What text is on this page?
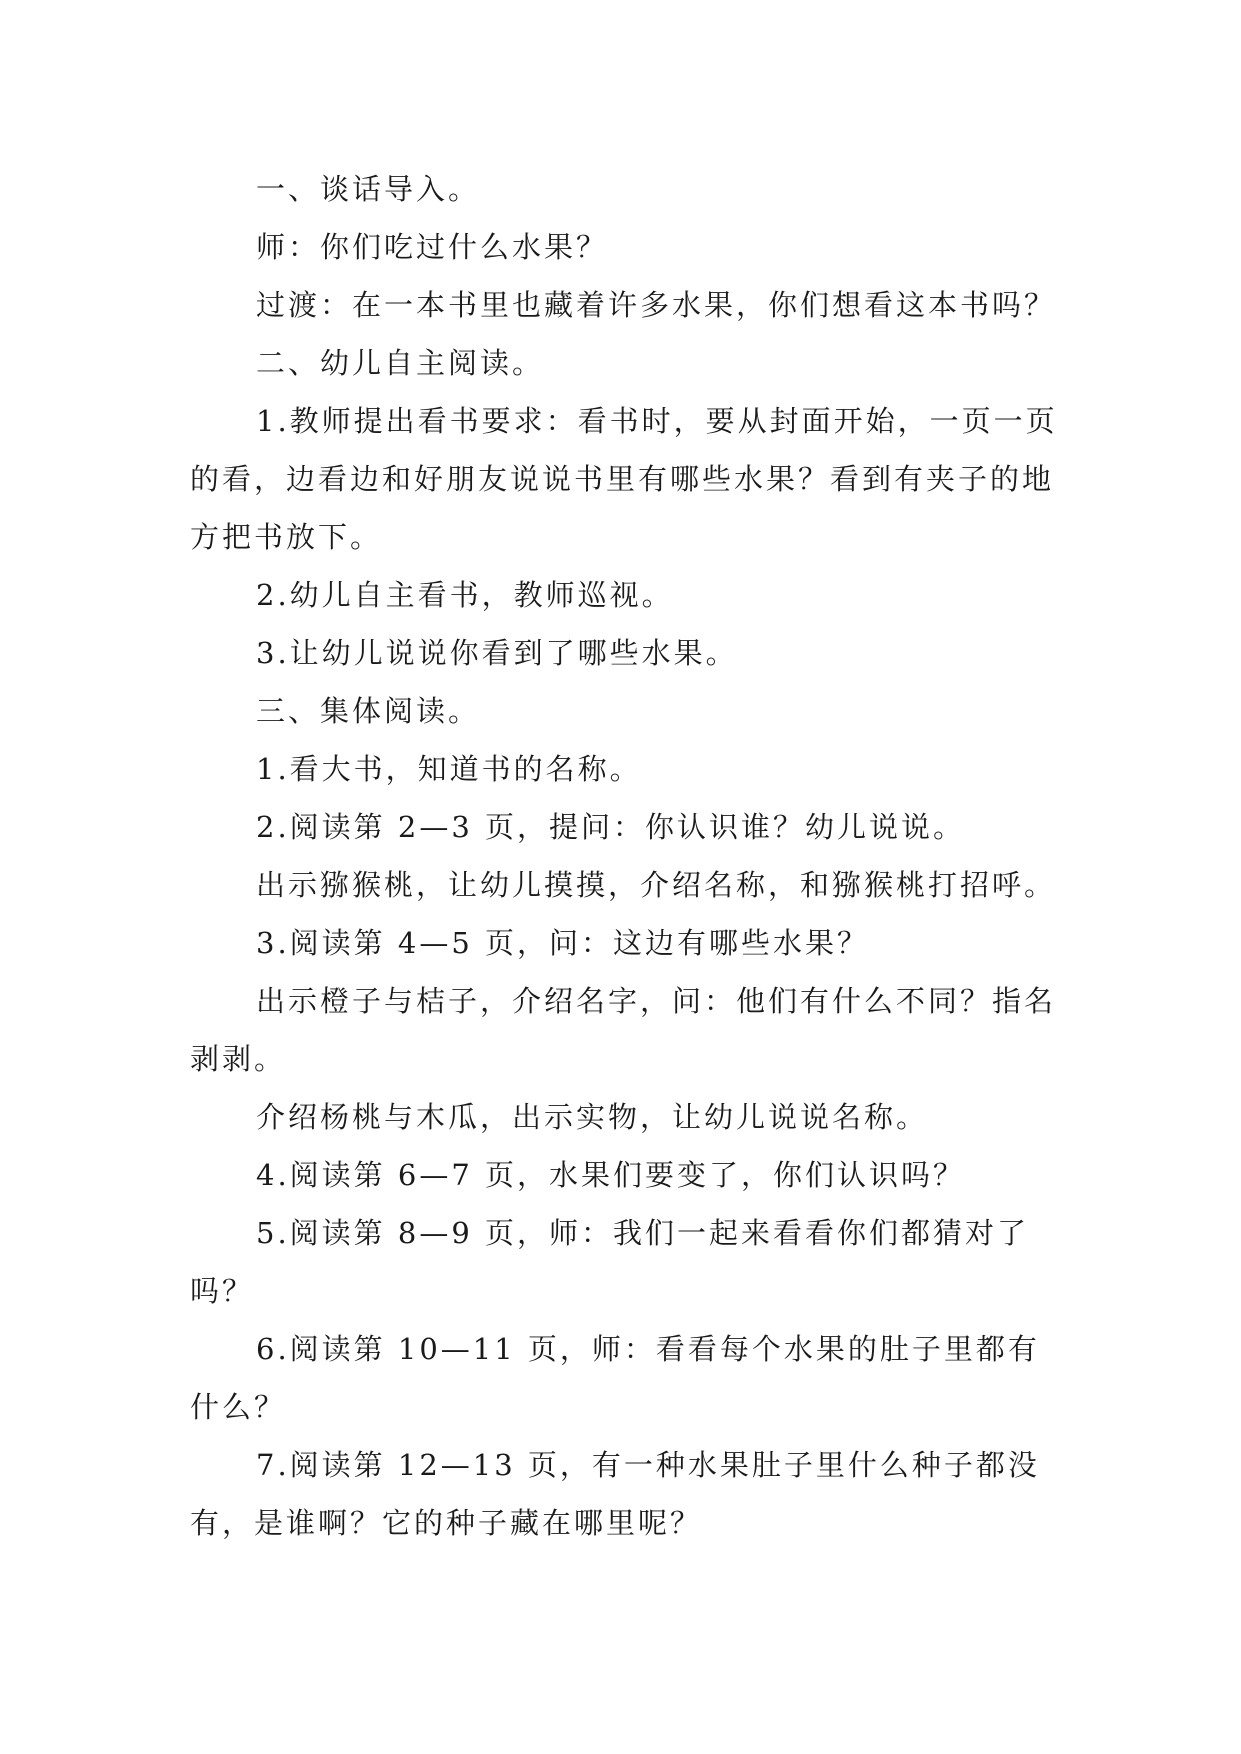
一、谈话导入。

师：你们吃过什么水果？

过渡：在一本书里也藏着许多水果，你们想看这本书吗？

二、幼儿自主阅读。

1.教师提出看书要求：看书时，要从封面开始，一页一页的看，边看边和好朋友说说书里有哪些水果？看到有夹子的地方把书放下。

2.幼儿自主看书，教师巡视。

3.让幼儿说说你看到了哪些水果。

三、集体阅读。

1.看大书，知道书的名称。

2.阅读第 2—3 页，提问：你认识谁？幼儿说说。

出示猕猴桃，让幼儿摸摸，介绍名称，和猕猴桃打招呼。

3.阅读第 4—5 页，问：这边有哪些水果？

出示橙子与桔子，介绍名字，问：他们有什么不同？指名剥剥。

介绍杨桃与木瓜，出示实物，让幼儿说说名称。

4.阅读第 6—7 页，水果们要变了，你们认识吗？

5.阅读第 8—9 页，师：我们一起来看看你们都猜对了吗？

6.阅读第 10—11 页，师：看看每个水果的肚子里都有什么？

7.阅读第 12—13 页，有一种水果肚子里什么种子都没有，是谁啊？它的种子藏在哪里呢？
